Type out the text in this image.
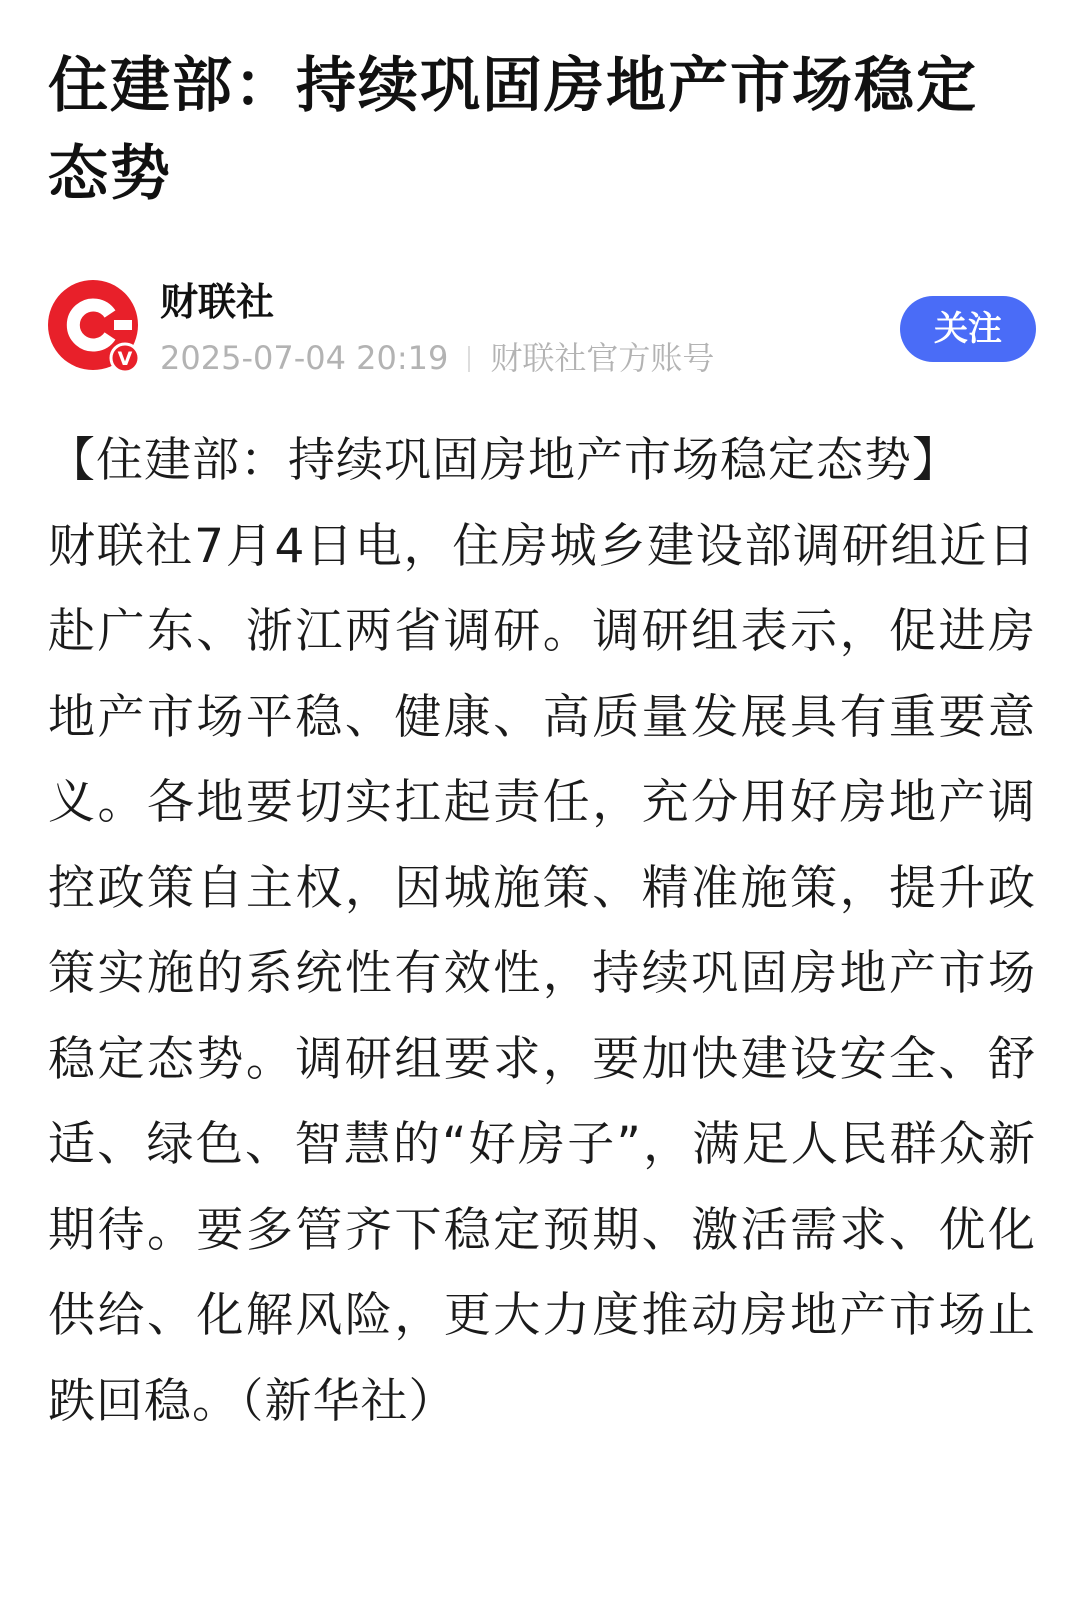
住建部：持续巩固房地产市场稳定态势
V
财联社
2025-07-04 20:19 财联社官方账号
关注
【住建部：持续巩固房地产市场稳定态势】
财联社7月4日电，住房城乡建设部调研组近日赴广东、浙江两省调研。调研组表示，促进房地产市场平稳、健康、高质量发展具有重要意义。各地要切实扛起责任，充分用好房地产调控政策自主权，因城施策、精准施策，提升政策实施的系统性有效性，持续巩固房地产市场稳定态势。调研组要求，要加快建设安全、舒适、绿色、智慧的“好房子”，满足人民群众新期待。要多管齐下稳定预期、激活需求、优化供给、化解风险，更大力度推动房地产市场止跌回稳。（新华社）
